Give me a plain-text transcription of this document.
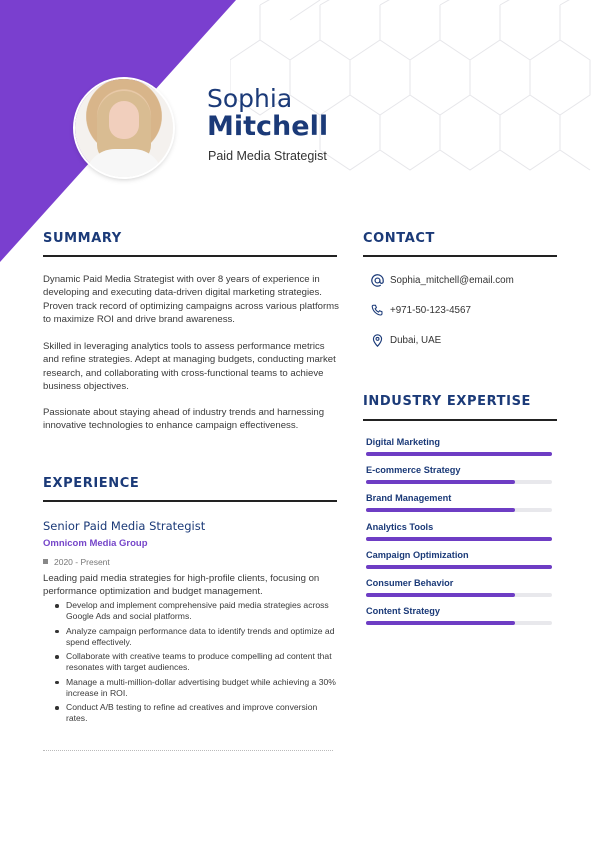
Sophia
Mitchell
Paid Media Strategist
SUMMARY
Dynamic Paid Media Strategist with over 8 years of experience in developing and executing data-driven digital marketing strategies. Proven track record of optimizing campaigns across various platforms to maximize ROI and drive brand awareness.
Skilled in leveraging analytics tools to assess performance metrics and refine strategies. Adept at managing budgets, conducting market research, and collaborating with cross-functional teams to achieve business objectives.
Passionate about staying ahead of industry trends and harnessing innovative technologies to enhance campaign effectiveness.
EXPERIENCE
Senior Paid Media Strategist
Omnicom Media Group
2020 - Present
Leading paid media strategies for high-profile clients, focusing on performance optimization and budget management.
Develop and implement comprehensive paid media strategies across Google Ads and social platforms.
Analyze campaign performance data to identify trends and optimize ad spend effectively.
Collaborate with creative teams to produce compelling ad content that resonates with target audiences.
Manage a multi-million-dollar advertising budget while achieving a 30% increase in ROI.
Conduct A/B testing to refine ad creatives and improve conversion rates.
CONTACT
Sophia_mitchell@email.com
+971-50-123-4567
Dubai, UAE
INDUSTRY EXPERTISE
Digital Marketing
E-commerce Strategy
Brand Management
Analytics Tools
Campaign Optimization
Consumer Behavior
Content Strategy
